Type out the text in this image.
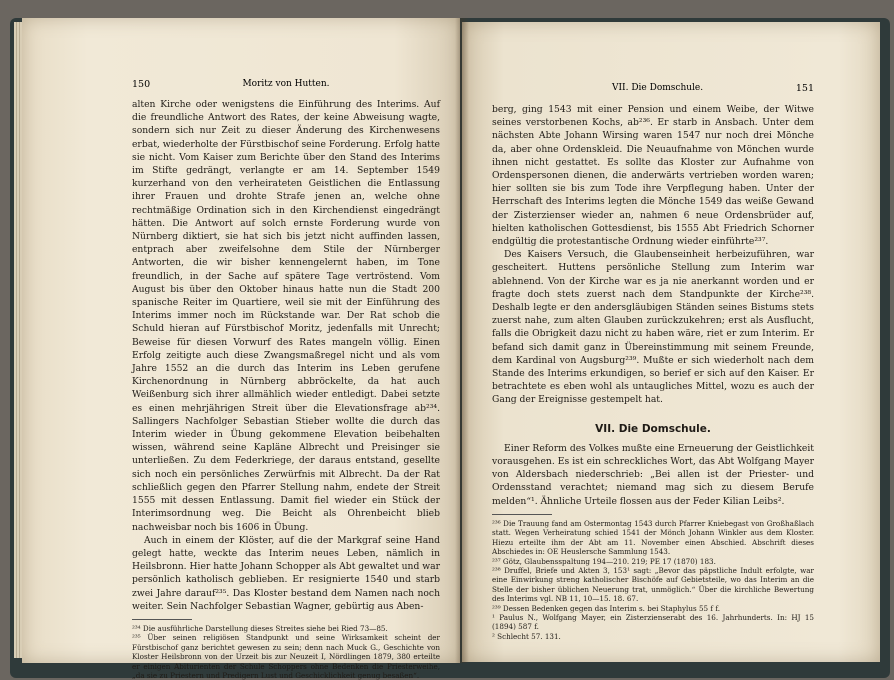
150	Moritz von Hutten.

alten Kirche oder wenigstens die Einführung des Interims. Auf die freundliche Antwort des Rates, der keine Abweisung wagte, sondern sich nur Zeit zu dieser Änderung des Kirchenwesens erbat, wiederholte der Fürstbischof seine Forderung. Erfolg hatte sie nicht. Vom Kaiser zum Berichte über den Stand des Interims im Stifte gedrängt, verlangte er am 14. September 1549 kurzerhand von den verheirateten Geistlichen die Entlassung ihrer Frauen und drohte Strafe jenen an, welche ohne rechtmäßige Ordination sich in den Kirchendienst eingedrängt hätten. Die Antwort auf solch ernste Forderung wurde von Nürnberg diktiert, sie hat sich bis jetzt nicht auffinden lassen, entprach aber zweifelsohne dem Stile der Nürnberger Antworten, die wir bisher kennengelernt haben, im Tone freundlich, in der Sache auf spätere Tage vertröstend. Vom August bis über den Oktober hinaus hatte nun die Stadt 200 spanische Reiter im Quartiere, weil sie mit der Einführung des Interims immer noch im Rückstande war. Der Rat schob die Schuld hieran auf Fürstbischof Moritz, jedenfalls mit Unrecht; Beweise für diesen Vorwurf des Rates mangeln völlig. Einen Erfolg zeitigte auch diese Zwangsmaßregel nicht und als vom Jahre 1552 an die durch das Interim ins Leben gerufene Kirchenordnung in Nürnberg abbröckelte, da hat auch Weißenburg sich ihrer allmählich wieder entledigt. Dabei setzte es einen mehrjährigen Streit über die Elevationsfrage ab²³⁴. Sallingers Nachfolger Sebastian Stieber wollte die durch das Interim wieder in Übung gekommene Elevation beibehalten wissen, während seine Kapläne Albrecht und Preisinger sie unterließen. Zu dem Federkriege, der daraus entstand, gesellte sich noch ein persönliches Zerwürfnis mit Albrecht. Da der Rat schließlich gegen den Pfarrer Stellung nahm, endete der Streit 1555 mit dessen Entlassung. Damit fiel wieder ein Stück der Interimsordnung weg. Die Beicht als Ohrenbeicht blieb nachweisbar noch bis 1606 in Übung.

Auch in einem der Klöster, auf die der Markgraf seine Hand gelegt hatte, weckte das Interim neues Leben, nämlich in Heilsbronn. Hier hatte Johann Schopper als Abt gewaltet und war persönlich katholisch geblieben. Er resignierte 1540 und starb zwei Jahre darauf²³⁵. Das Kloster bestand dem Namen nach noch weiter. Sein Nachfolger Sebastian Wagner, gebürtig aus Aben-

²³⁴ Die ausführliche Darstellung dieses Streites siehe bei Ried 73—85.

²³⁵ Über seinen religiösen Standpunkt und seine Wirksamkeit scheint der Fürstbischof ganz berichtet gewesen zu sein; denn nach Muck G., Geschichte von Kloster Heilsbronn von der Urzeit bis zur Neuzeit I, Nördlingen 1879, 380 erteilte er einigen Abiturienten der Schule Schoppers ohne Bedenken die Priesterweihe, „da sie zu Priestern und Predigern Lust und Geschicklichkeit genug besaßen“.

VII. Die Domschule.	151

berg, ging 1543 mit einer Pension und einem Weibe, der Witwe seines verstorbenen Kochs, ab²³⁶. Er starb in Ansbach. Unter dem nächsten Abte Johann Wirsing waren 1547 nur noch drei Mönche da, aber ohne Ordenskleid. Die Neuaufnahme von Mönchen wurde ihnen nicht gestattet. Es sollte das Kloster zur Aufnahme von Ordenspersonen dienen, die anderwärts vertrieben worden waren; hier sollten sie bis zum Tode ihre Verpflegung haben. Unter der Herrschaft des Interims legten die Mönche 1549 das weiße Gewand der Zisterzienser wieder an, nahmen 6 neue Ordensbrüder auf, hielten katholischen Gottesdienst, bis 1555 Abt Friedrich Schorner endgültig die protestantische Ordnung wieder einführte²³⁷.

Des Kaisers Versuch, die Glaubenseinheit herbeizuführen, war gescheitert. Huttens persönliche Stellung zum Interim war ablehnend. Von der Kirche war es ja nie anerkannt worden und er fragte doch stets zuerst nach dem Standpunkte der Kirche²³⁸. Deshalb legte er den andersgläubigen Ständen seines Bistums stets zuerst nahe, zum alten Glauben zurückzukehren; erst als Ausflucht, falls die Obrigkeit dazu nicht zu haben wäre, riet er zum Interim. Er befand sich damit ganz in Übereinstimmung mit seinem Freunde, dem Kardinal von Augsburg²³⁹. Mußte er sich wiederholt nach dem Stande des Interims erkundigen, so berief er sich auf den Kaiser. Er betrachtete es eben wohl als untaugliches Mittel, wozu es auch der Gang der Ereignisse gestempelt hat.

VII. Die Domschule.

Einer Reform des Volkes mußte eine Erneuerung der Geistlichkeit vorausgehen. Es ist ein schreckliches Wort, das Abt Wolfgang Mayer von Aldersbach niederschrieb: „Bei allen ist der Priester- und Ordensstand verachtet; niemand mag sich zu diesem Berufe melden“¹. Ähnliche Urteile flossen aus der Feder Kilian Leibs².

²³⁶ Die Trauung fand am Ostermontag 1543 durch Pfarrer Kniebegast von Großhaßlach statt. Wegen Verheiratung schied 1541 der Mönch Johann Winkler aus dem Kloster. Hiezu erteilte ihm der Abt am 11. November einen Abschied. Abschrift dieses Abschiedes in: OE Heuslersche Sammlung 1543.

²³⁷ Götz, Glaubensspaltung 194—210. 219; PE 17 (1870) 183.

²³⁸ Druffel, Briefe und Akten 3, 153¹ sagt: „Bevor das päpstliche Indult erfolgte, war eine Einwirkung streng katholischer Bischöfe auf Gebietsteile, wo das Interim an die Stelle der bisher üblichen Neuerung trat, unmöglich.“ Über die kirchliche Bewertung des Interims vgl. NB 11, 10—15. 18. 67.

²³⁹ Dessen Bedenken gegen das Interim s. bei Staphylus 55 f f.

¹ Paulus N., Wolfgang Mayer, ein Zisterzienserabt des 16. Jahrhunderts. In: HJ 15 (1894) 587 f.

² Schlecht 57. 131.
